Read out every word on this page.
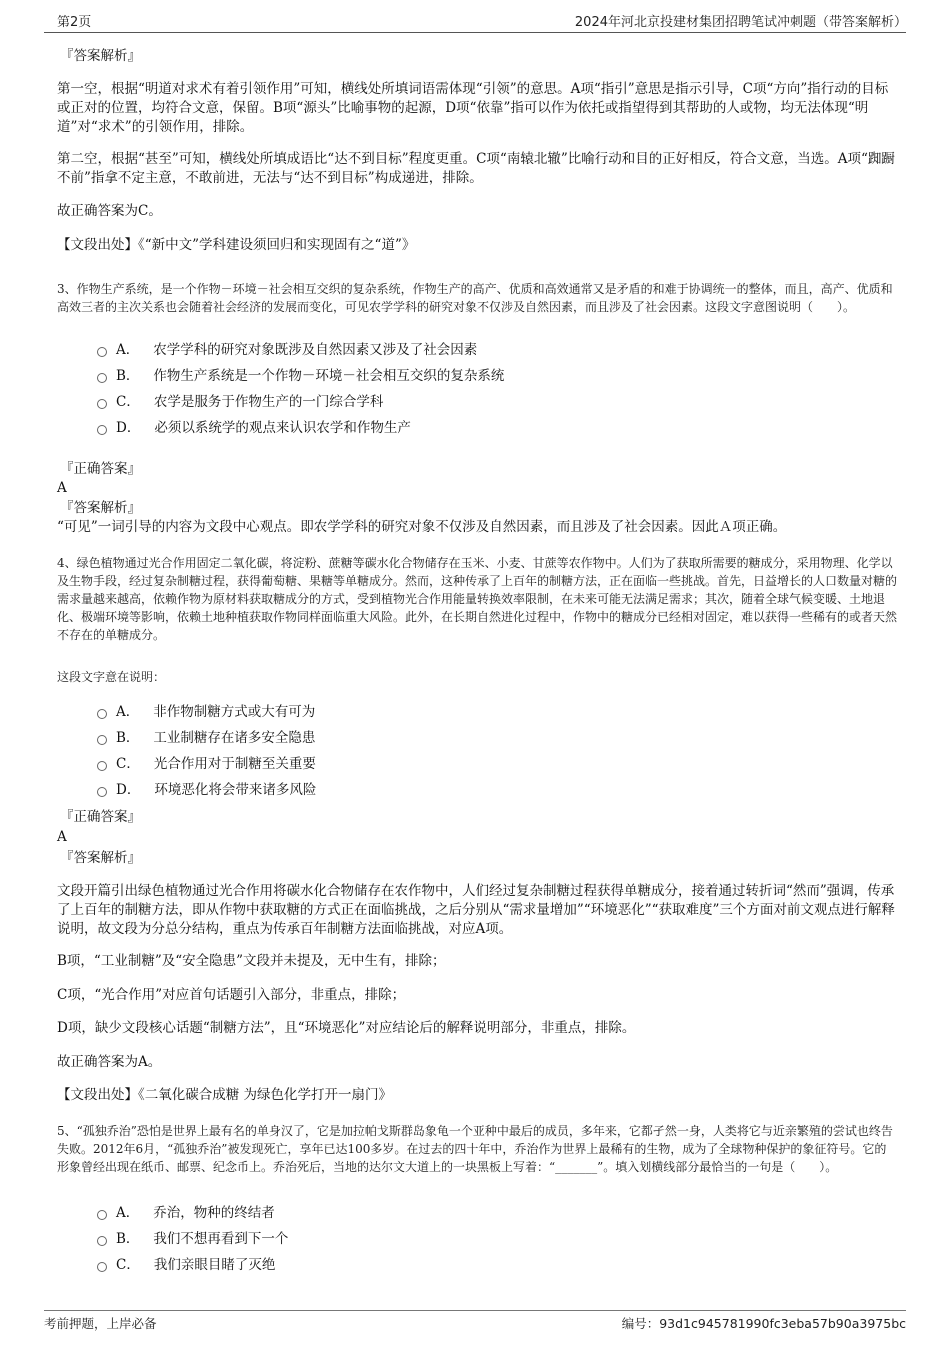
第2页	2024年河北京投建材集团招聘笔试冲刺题（带答案解析）
『答案解析』

第一空，根据“明道对求术有着引领作用”可知，横线处所填词语需体现“引领”的意思。A项“指引”意思是指示引导，C项“方向”指行动的目标或正对的位置，均符合文意，保留。B项“源头”比喻事物的起源，D项“依靠”指可以作为依托或指望得到其帮助的人或物，均无法体现“明道”对“求术”的引领作用，排除。

第二空，根据“甚至”可知，横线处所填成语比“达不到目标”程度更重。C项“南辕北辙”比喻行动和目的正好相反，符合文意，当选。A项“踟蹰不前”指拿不定主意，不敢前进，无法与“达不到目标”构成递进，排除。

故正确答案为C。

【文段出处】《“新中文”学科建设须回归和实现固有之“道”》

3、作物生产系统，是一个作物－环境－社会相互交织的复杂系统，作物生产的高产、优质和高效通常又是矛盾的和难于协调统一的整体，而且，高产、优质和高效三者的主次关系也会随着社会经济的发展而变化，可见农学学科的研究对象不仅涉及自然因素，而且涉及了社会因素。这段文字意图说明（　　）。

A． 农学学科的研究对象既涉及自然因素又涉及了社会因素
B． 作物生产系统是一个作物－环境－社会相互交织的复杂系统
C． 农学是服务于作物生产的一门综合学科
D． 必须以系统学的观点来认识农学和作物生产
『正确答案』
A
『答案解析』

“可见”一词引导的内容为文段中心观点。即农学学科的研究对象不仅涉及自然因素，而且涉及了社会因素。因此Ａ项正确。

4、绿色植物通过光合作用固定二氧化碳，将淀粉、蔗糖等碳水化合物储存在玉米、小麦、甘蔗等农作物中。人们为了获取所需要的糖成分，采用物理、化学以及生物手段，经过复杂制糖过程，获得葡萄糖、果糖等单糖成分。然而，这种传承了上百年的制糖方法，正在面临一些挑战。首先，日益增长的人口数量对糖的需求量越来越高，依赖作物为原材料获取糖成分的方式，受到植物光合作用能量转换效率限制，在未来可能无法满足需求；其次，随着全球气候变暖、土地退化、极端环境等影响，依赖土地种植获取作物同样面临重大风险。此外，在长期自然进化过程中，作物中的糖成分已经相对固定，难以获得一些稀有的或者天然不存在的单糖成分。

这段文字意在说明：

A． 非作物制糖方式或大有可为
B． 工业制糖存在诸多安全隐患
C． 光合作用对于制糖至关重要
D． 环境恶化将会带来诸多风险
『正确答案』
A
『答案解析』

文段开篇引出绿色植物通过光合作用将碳水化合物储存在农作物中，人们经过复杂制糖过程获得单糖成分，接着通过转折词“然而”强调，传承了上百年的制糖方法，即从作物中获取糖的方式正在面临挑战，之后分别从“需求量增加”“环境恶化”“获取难度”三个方面对前文观点进行解释说明，故文段为分总分结构，重点为传承百年制糖方法面临挑战，对应A项。

B项，“工业制糖”及“安全隐患”文段并未提及，无中生有，排除；

C项，“光合作用”对应首句话题引入部分，非重点，排除；

D项，缺少文段核心话题“制糖方法”，且“环境恶化”对应结论后的解释说明部分，非重点，排除。

故正确答案为A。

【文段出处】《二氧化碳合成糖 为绿色化学打开一扇门》

5、“孤独乔治”恐怕是世界上最有名的单身汉了，它是加拉帕戈斯群岛象龟一个亚种中最后的成员，多年来，它都孑然一身，人类将它与近亲繁殖的尝试也终告失败。2012年6月，“孤独乔治”被发现死亡，享年已达100多岁。在过去的四十年中，乔治作为世界上最稀有的生物，成为了全球物种保护的象征符号。它的形象曾经出现在纸币、邮票、纪念币上。乔治死后，当地的达尔文大道上的一块黑板上写着：“_______”。填入划横线部分最恰当的一句是（　　）。

A． 乔治，物种的终结者
B． 我们不想再看到下一个
C． 我们亲眼目睹了灭绝
考前押题，上岸必备	编号：93d1c945781990fc3eba57b90a3975bc
